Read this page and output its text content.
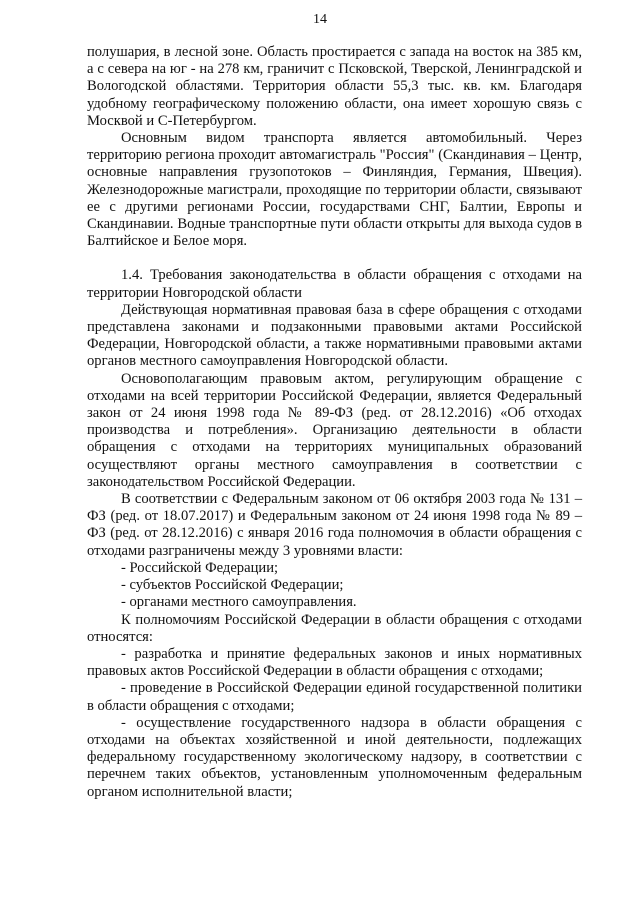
14

полушария, в лесной зоне. Область простирается с запада на восток на 385 км, а с севера на юг - на 278 км, граничит с Псковской, Тверской, Ленинградской и Вологодской областями. Территория области 55,3 тыс. кв. км. Благодаря удобному географическому положению области, она имеет хорошую связь с Москвой и С-Петербургом.

Основным видом транспорта является автомобильный. Через территорию региона проходит автомагистраль "Россия" (Скандинавия – Центр, основные направления грузопотоков – Финляндия, Германия, Швеция). Железнодорожные магистрали, проходящие по территории области, связывают ее с другими регионами России, государствами СНГ, Балтии, Европы и Скандинавии. Водные транспортные пути области открыты для выхода судов в Балтийское и Белое моря.

1.4. Требования законодательства в области обращения с отходами на территории Новгородской области

Действующая нормативная правовая база в сфере обращения с отходами представлена законами и подзаконными правовыми актами Российской Федерации, Новгородской области, а также нормативными правовыми актами органов местного самоуправления Новгородской области.

Основополагающим правовым актом, регулирующим обращение с отходами на всей территории Российской Федерации, является Федеральный закон от 24 июня 1998 года № 89-ФЗ (ред. от 28.12.2016) «Об отходах производства и потребления». Организацию деятельности в области обращения с отходами на территориях муниципальных образований осуществляют органы местного самоуправления в соответствии с законодательством Российской Федерации.

В соответствии с Федеральным законом от 06 октября 2003 года № 131 – ФЗ (ред. от 18.07.2017) и Федеральным законом от 24 июня 1998 года № 89 – ФЗ (ред. от 28.12.2016) с января 2016 года полномочия в области обращения с отходами разграничены между 3 уровнями власти:

- Российской Федерации;

- субъектов Российской Федерации;

- органами местного самоуправления.

К полномочиям Российской Федерации в области обращения с отходами относятся:

- разработка и принятие федеральных законов и иных нормативных правовых актов Российской Федерации в области обращения с отходами;

- проведение в Российской Федерации единой государственной политики в области обращения с отходами;

- осуществление государственного надзора в области обращения с отходами на объектах хозяйственной и иной деятельности, подлежащих федеральному государственному экологическому надзору, в соответствии с перечнем таких объектов, установленным уполномоченным федеральным органом исполнительной власти;
